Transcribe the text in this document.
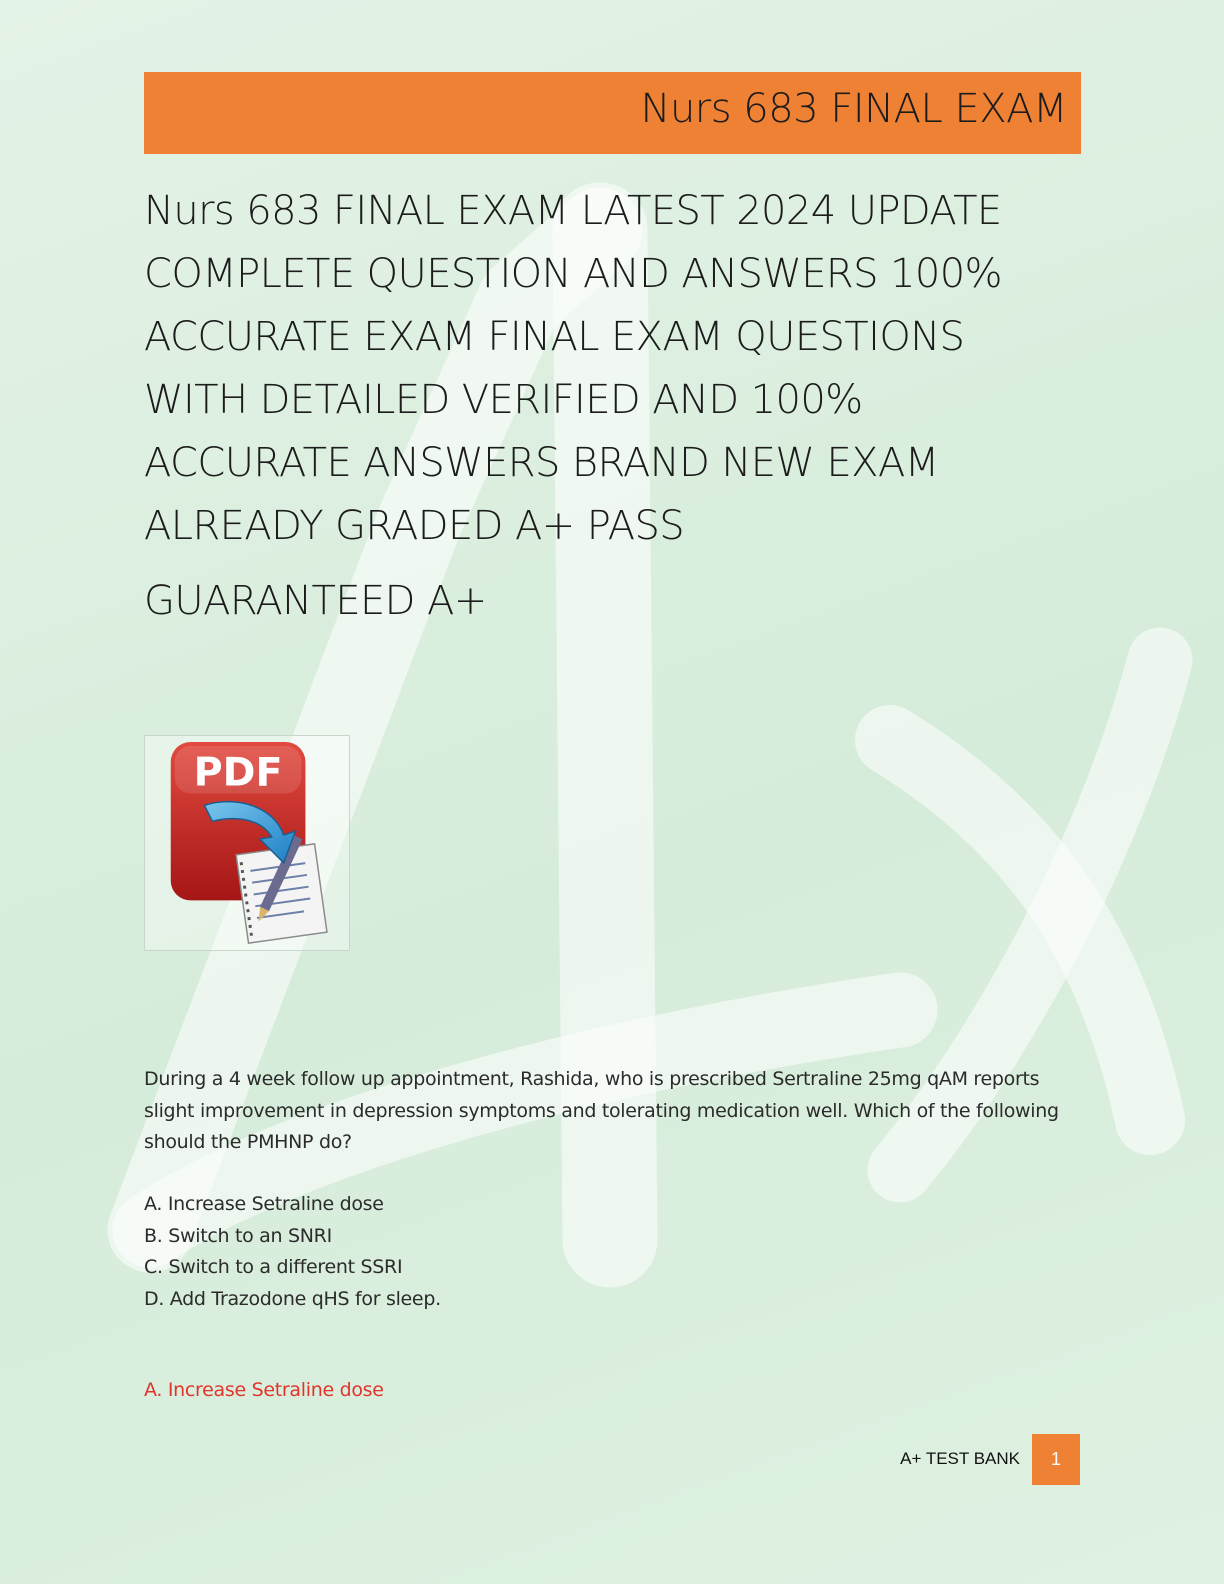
Nurs 683 FINAL EXAM
Nurs 683 FINAL EXAM LATEST 2024 UPDATE COMPLETE QUESTION AND ANSWERS 100% ACCURATE EXAM FINAL EXAM QUESTIONS WITH DETAILED VERIFIED AND 100% ACCURATE ANSWERS BRAND NEW EXAM ALREADY GRADED A+ PASS
GUARANTEED A+
PDF

During a 4 week follow up appointment, Rashida, who is prescribed Sertraline 25mg qAM reports slight improvement in depression symptoms and tolerating medication well. Which of the following should the PMHNP do?

A. Increase Setraline dose
B. Switch to an SNRI
C. Switch to a different SSRI
D. Add Trazodone qHS for sleep.
A. Increase Setraline dose
A+ TEST BANK	1
